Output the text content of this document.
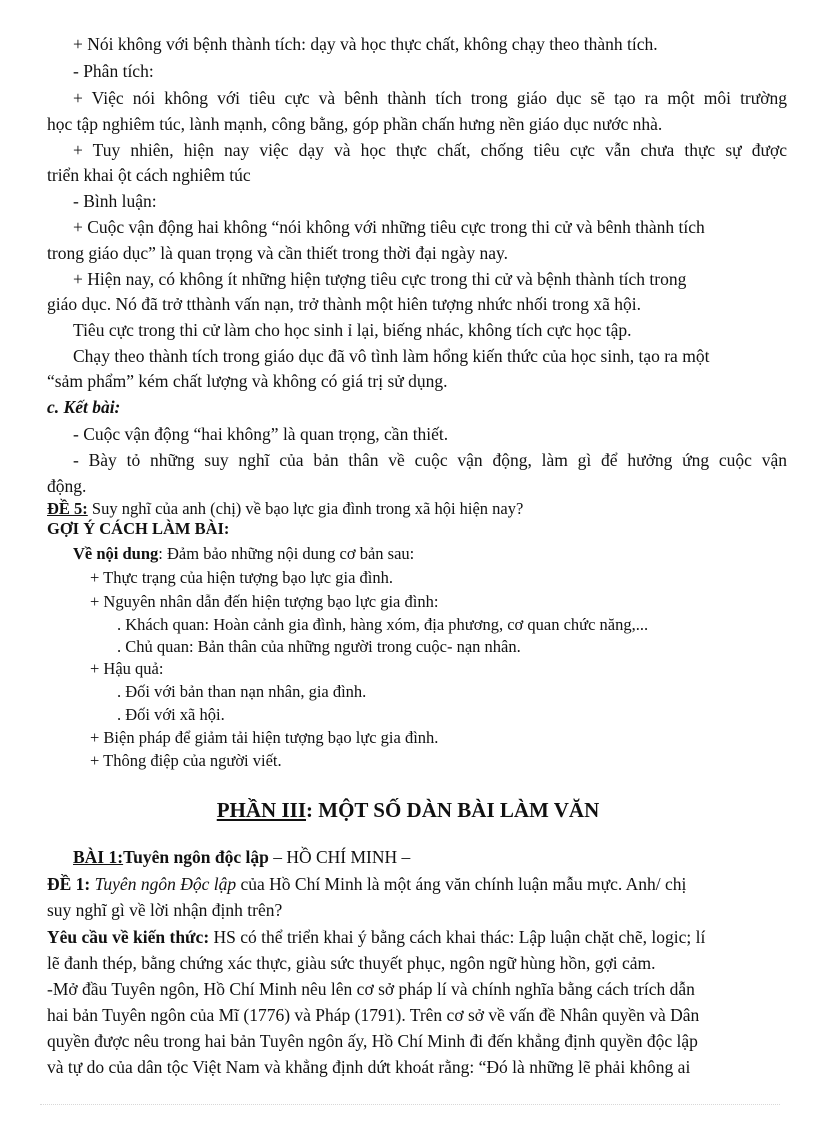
+ Nói không với bệnh thành tích: dạy và học thực chất, không chạy theo thành tích.
- Phân tích:
+ Việc nói không với tiêu cực và bênh thành tích trong giáo dục sẽ tạo ra một môi trường
học tập nghiêm túc, lành mạnh, công bằng, góp phần chấn hưng nền giáo dục nước nhà.
+ Tuy nhiên, hiện nay việc dạy và học thực chất, chống tiêu cực vẫn chưa thực sự được
triển khai ột cách nghiêm túc
- Bình luận:
+ Cuộc vận động hai không “nói không với những tiêu cực trong thi cử và bênh thành tích
trong giáo dục” là quan trọng và cần thiết trong thời đại ngày nay.
+ Hiện nay, có không ít những hiện tượng tiêu cực trong thi cử và bệnh thành tích trong
giáo dục. Nó đã trở tthành vấn nạn, trở thành một hiên tượng nhức nhối trong xã hội.
Tiêu cực trong thi cử làm cho học sinh ỉ lại, biếng nhác, không tích cực học tập.
Chạy theo thành tích trong giáo dục đã vô tình làm hổng kiến thức của học sinh, tạo ra một
“sảm phẩm” kém chất lượng và không có giá trị sử dụng.
c. Kết bài:
- Cuộc vận động “hai không” là quan trọng, cần thiết.
- Bày tỏ những suy nghĩ của bản thân về cuộc vận động, làm gì để hưởng ứng cuộc vận
động.
ĐỀ 5: Suy nghĩ của anh (chị) về bạo lực gia đình trong xã hội hiện nay?
GỢI Ý CÁCH LÀM BÀI:
Về nội dung: Đảm bảo những nội dung cơ bản sau:
+ Thực trạng của hiện tượng bạo lực gia đình.
+ Nguyên nhân dẫn đến hiện tượng bạo lực gia đình:
. Khách quan: Hoàn cảnh gia đình, hàng xóm, địa phương, cơ quan chức năng,...
. Chủ quan: Bản thân của những người trong cuộc- nạn nhân.
+ Hậu quả:
. Đối với bản than nạn nhân, gia đình.
. Đối với xã hội.
+ Biện pháp để giảm tải hiện tượng bạo lực gia đình.
+ Thông điệp của người viết.
PHẦN III: MỘT SỐ DÀN BÀI LÀM VĂN
BÀI 1:Tuyên ngôn độc lập – HỒ CHÍ MINH –
ĐỀ 1: Tuyên ngôn Độc lập của Hồ Chí Minh là một áng văn chính luận mẫu mực. Anh/ chị
suy nghĩ gì về lời nhận định trên?
Yêu cầu về kiến thức: HS có thể triển khai ý bằng cách khai thác: Lập luận chặt chẽ, logic; lí
lẽ đanh thép, bằng chứng xác thực, giàu sức thuyết phục, ngôn ngữ hùng hồn, gợi cảm.
-Mở đầu Tuyên ngôn, Hồ Chí Minh nêu lên cơ sở pháp lí và chính nghĩa bằng cách trích dẫn
hai bản Tuyên ngôn của Mĩ (1776) và Pháp (1791). Trên cơ sở về vấn đề Nhân quyền và Dân
quyền được nêu trong hai bản Tuyên ngôn ấy, Hồ Chí Minh đi đến khẳng định quyền độc lập
và tự do của dân tộc Việt Nam và khẳng định dứt khoát rằng: “Đó là những lẽ phải không ai
